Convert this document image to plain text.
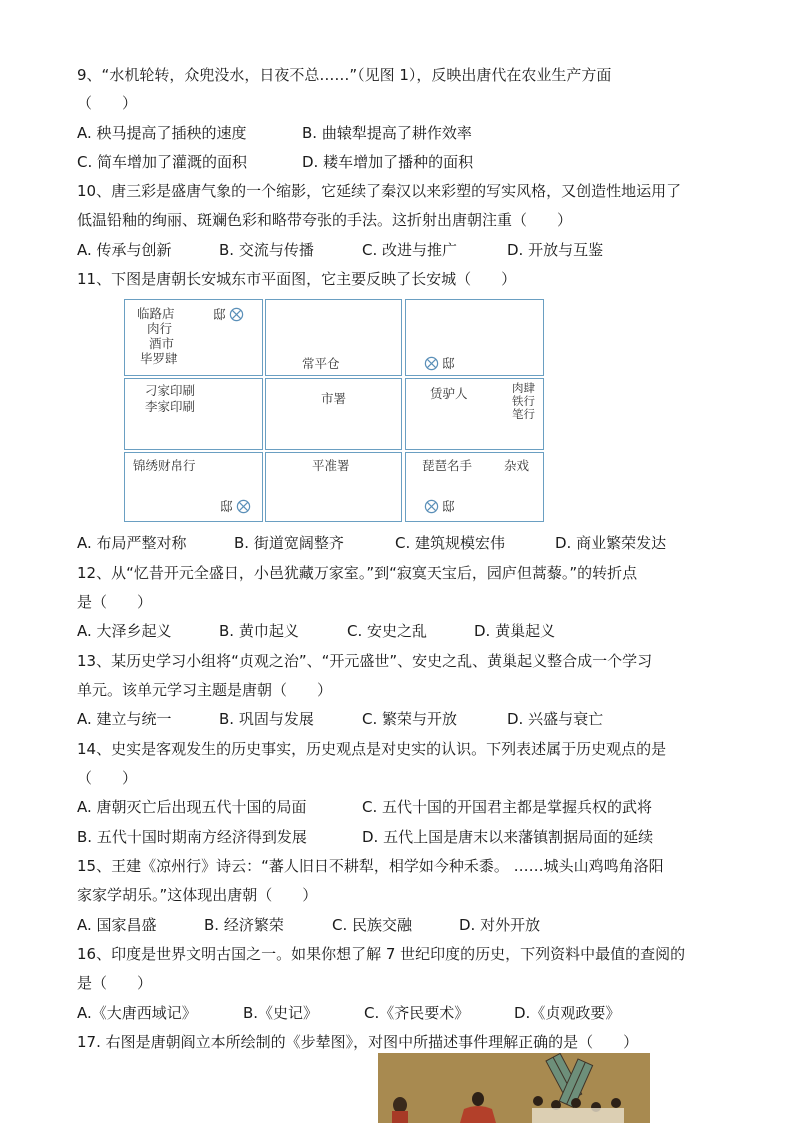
9、“水机轮转，众兜没水，日夜不总……”（见图 1），反映出唐代在农业生产方面
（　　）
A. 秧马提高了插秧的速度	B. 曲辕犁提高了耕作效率
C. 简车增加了灌溉的面积	D. 耧车增加了播种的面积
10、唐三彩是盛唐气象的一个缩影，它延续了秦汉以来彩塑的写实风格，又创造性地运用了
低温铅釉的绚丽、斑斓色彩和略带夸张的手法。这折射出唐朝注重（　　）
A. 传承与创新	B. 交流与传播	C. 改进与推广	D. 开放与互鉴
11、下图是唐朝长安城东市平面图，它主要反映了长安城（　　）
临路店
肉行
酒市
毕罗肆
邸
常平仓	邸
刁家印刷
李家印刷
市署	赁驴人	肉肆
铁行
笔行
锦绣财帛行
邸
平准署	琵琶名手	杂戏
邸
A. 布局严整对称	B. 街道宽阔整齐	C. 建筑规模宏伟	D. 商业繁荣发达
12、从“忆昔开元全盛日，小邑犹藏万家室。”到“寂寞天宝后，园庐但蒿藜。”的转折点
是（　　）
A. 大泽乡起义	B. 黄巾起义	C. 安史之乱	D. 黄巢起义
13、某历史学习小组将“贞观之治”、“开元盛世”、安史之乱、黄巢起义整合成一个学习
单元。该单元学习主题是唐朝（　　）
A. 建立与统一	B. 巩固与发展	C. 繁荣与开放	D. 兴盛与衰亡
14、史实是客观发生的历史事实，历史观点是对史实的认识。下列表述属于历史观点的是
（　　）
A. 唐朝灭亡后出现五代十国的局面	C. 五代十国的开国君主都是掌握兵权的武将
B. 五代十国时期南方经济得到发展	D. 五代上国是唐末以来藩镇割据局面的延续
15、王建《凉州行》诗云：“蕃人旧日不耕犁，相学如今种禾黍。 ……城头山鸡鸣角洛阳
家家学胡乐。”这体现出唐朝（　　）
A. 国家昌盛	B. 经济繁荣	C. 民族交融	D. 对外开放
16、印度是世界文明古国之一。如果你想了解 7 世纪印度的历史，下列资料中最值的查阅的
是（　　）
A.《大唐西域记》	B.《史记》	C.《齐民要术》	D.《贞观政要》
17. 右图是唐朝阎立本所绘制的《步辇图》，对图中所描述事件理解正确的是（　　）
